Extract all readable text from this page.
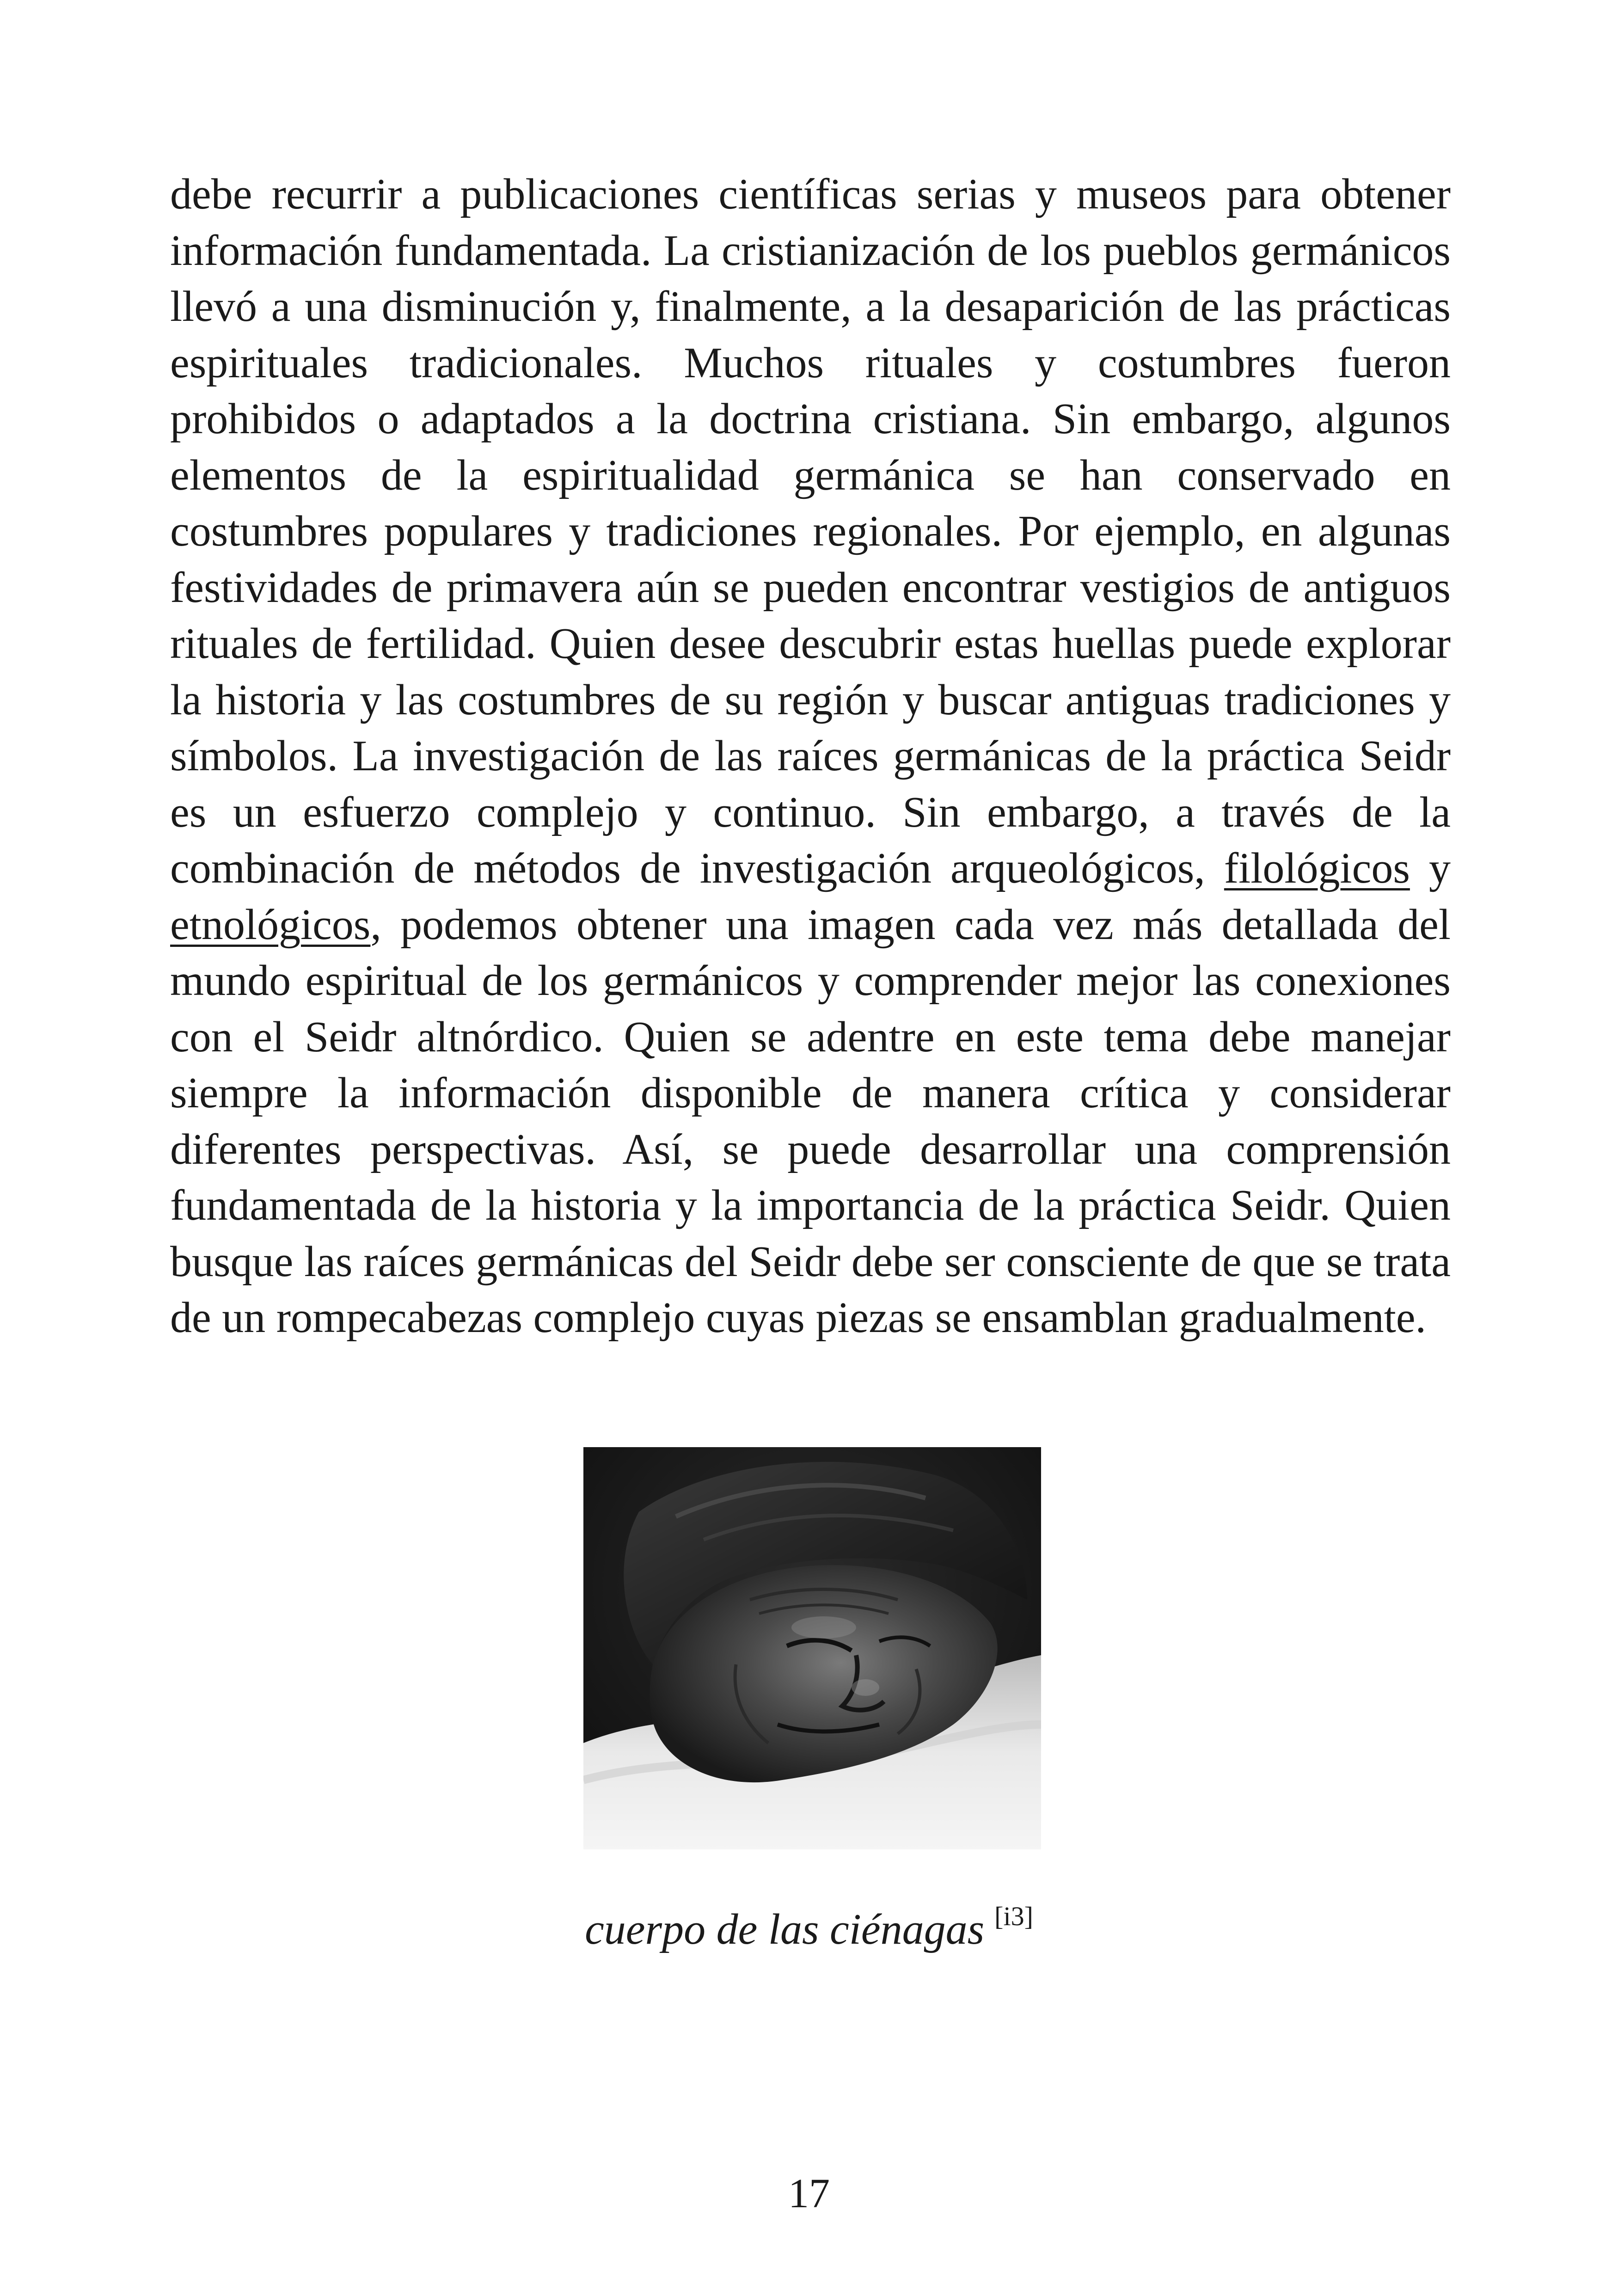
debe recurrir a publicaciones científicas serias y museos para obtener información fundamentada. La cristianización de los pueblos germánicos llevó a una disminución y, finalmente, a la desaparición de las prácticas espirituales tradicionales. Muchos rituales y costumbres fueron prohibidos o adaptados a la doctrina cristiana. Sin embargo, algunos elementos de la espiritualidad germánica se han conservado en costumbres populares y tradiciones regionales. Por ejemplo, en algunas festividades de primavera aún se pueden encontrar vestigios de antiguos rituales de fertilidad. Quien desee descubrir estas huellas puede explorar la historia y las costumbres de su región y buscar antiguas tradiciones y símbolos. La investigación de las raíces germánicas de la práctica Seidr es un esfuerzo complejo y continuo. Sin embargo, a través de la combinación de métodos de investigación arqueológicos, filológicos y etnológicos, podemos obtener una imagen cada vez más detallada del mundo espiritual de los germánicos y comprender mejor las conexiones con el Seidr altnórdico. Quien se adentre en este tema debe manejar siempre la información disponible de manera crítica y considerar diferentes perspectivas. Así, se puede desarrollar una comprensión fundamentada de la historia y la importancia de la práctica Seidr. Quien busque las raíces germánicas del Seidr debe ser consciente de que se trata de un rompecabezas complejo cuyas piezas se ensamblan gradualmente.

cuerpo de las ciénagas [i3]
17
